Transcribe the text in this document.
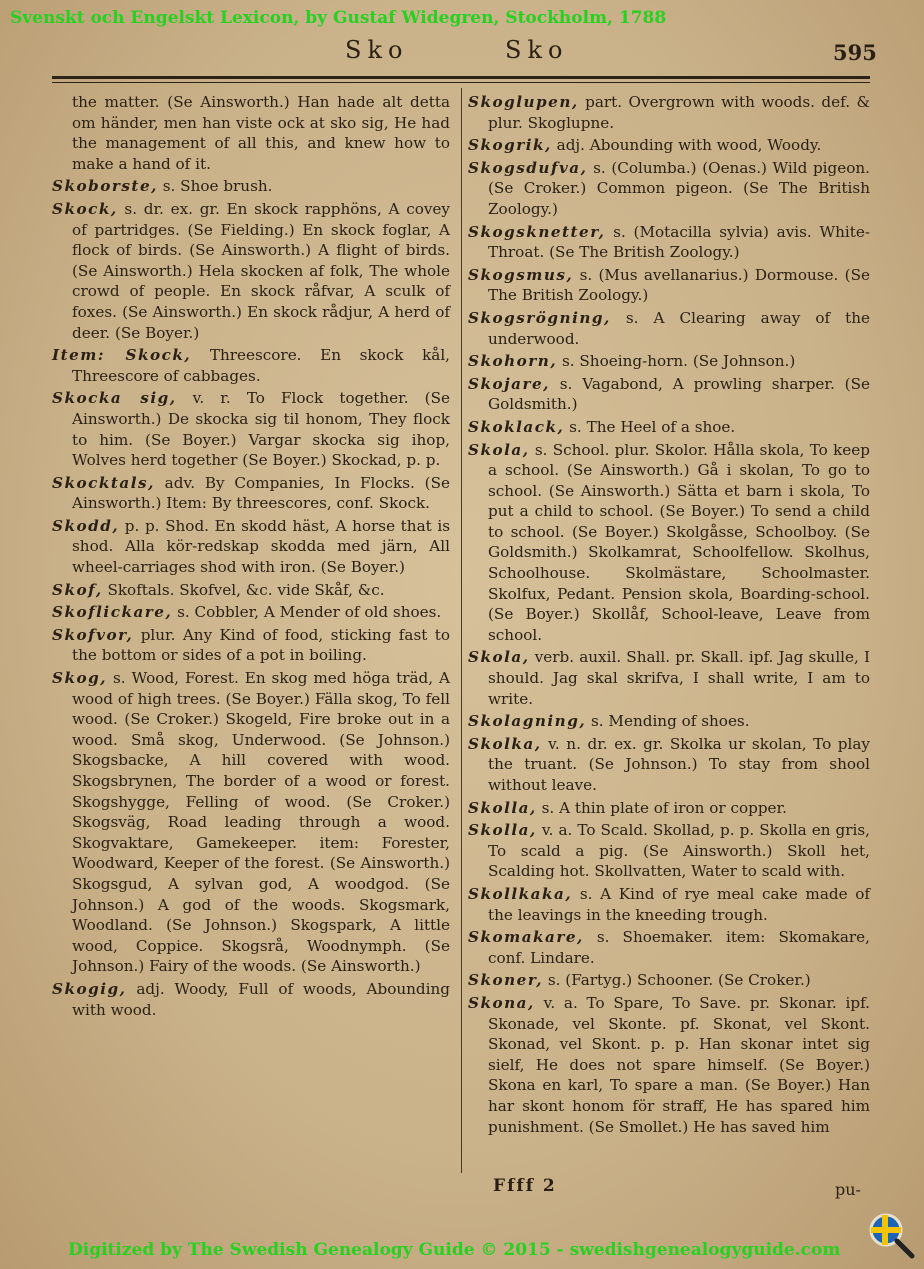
Svenskt och Engelskt Lexicon, by Gustaf Widegren, Stockholm, 1788
Sko	Sko	595

the matter. (Se Ainsworth.) Han hade alt detta om händer, men han viste ock at sko sig, He had the management of all this, and knew how to make a hand of it.

Skoborste, s. Shoe brush.

Skock, s. dr. ex. gr. En skock rapphöns, A covey of partridges. (Se Fielding.) En skock foglar, A flock of birds. (Se Ainsworth.) A flight of birds. (Se Ainsworth.) Hela skocken af folk, The whole crowd of people. En skock råfvar, A sculk of foxes. (Se Ainsworth.) En skock rådjur, A herd of deer. (Se Boyer.)

Item: Skock, Threescore. En skock kål, Threescore of cabbages.

Skocka sig, v. r. To Flock together. (Se Ainsworth.) De skocka sig til honom, They flock to him. (Se Boyer.) Vargar skocka sig ihop, Wolves herd together (Se Boyer.) Skockad, p. p.

Skocktals, adv. By Companies, In Flocks. (Se Ainsworth.) Item: By threescores, conf. Skock.

Skodd, p. p. Shod. En skodd häst, A horse that is shod. Alla kör-redskap skodda med järn, All wheel-carriages shod with iron. (Se Boyer.)

Skof, Skoftals. Skofvel, &c. vide Skåf, &c.

Skoflickare, s. Cobbler, A Mender of old shoes.

Skofvor, plur. Any Kind of food, sticking fast to the bottom or sides of a pot in boiling.

Skog, s. Wood, Forest. En skog med höga träd, A wood of high trees. (Se Boyer.) Fälla skog, To fell wood. (Se Croker.) Skogeld, Fire broke out in a wood. Små skog, Underwood. (Se Johnson.) Skogsbacke, A hill covered with wood. Skogsbrynen, The border of a wood or forest. Skogshygge, Felling of wood. (Se Croker.) Skogsväg, Road leading through a wood. Skogvaktare, Gamekeeper. item: Forester, Woodward, Keeper of the forest. (Se Ainsworth.) Skogsgud, A sylvan god, A woodgod. (Se Johnson.) A god of the woods. Skogsmark, Woodland. (Se Johnson.) Skogspark, A little wood, Coppice. Skogsrå, Woodnymph. (Se Johnson.) Fairy of the woods. (Se Ainsworth.)

Skogig, adj. Woody, Full of woods, Abounding with wood.

Skoglupen, part. Overgrown with woods. def. & plur. Skoglupne.

Skogrik, adj. Abounding with wood, Woody.

Skogsdufva, s. (Columba.) (Oenas.) Wild pigeon. (Se Croker.) Common pigeon. (Se The British Zoology.)

Skogsknetter, s. (Motacilla sylvia) avis. White-Throat. (Se The British Zoology.)

Skogsmus, s. (Mus avellanarius.) Dormouse. (Se The British Zoology.)

Skogsrögning, s. A Clearing away of the underwood.

Skohorn, s. Shoeing-horn. (Se Johnson.)

Skojare, s. Vagabond, A prowling sharper. (Se Goldsmith.)

Skoklack, s. The Heel of a shoe.

Skola, s. School. plur. Skolor. Hålla skola, To keep a school. (Se Ainsworth.) Gå i skolan, To go to school. (Se Ainsworth.) Sätta et barn i skola, To put a child to school. (Se Boyer.) To send a child to school. (Se Boyer.) Skolgåsse, Schoolboy. (Se Goldsmith.) Skolkamrat, Schoolfellow. Skolhus, Schoolhouse. Skolmästare, Schoolmaster. Skolfux, Pedant. Pension skola, Boarding-school. (Se Boyer.) Skollåf, School-leave, Leave from school.

Skola, verb. auxil. Shall. pr. Skall. ipf. Jag skulle, I should. Jag skal skrifva, I shall write, I am to write.

Skolagning, s. Mending of shoes.

Skolka, v. n. dr. ex. gr. Skolka ur skolan, To play the truant. (Se Johnson.) To stay from shool without leave.

Skolla, s. A thin plate of iron or copper.

Skolla, v. a. To Scald. Skollad, p. p. Skolla en gris, To scald a pig. (Se Ainsworth.) Skoll het, Scalding hot. Skollvatten, Water to scald with.

Skollkaka, s. A Kind of rye meal cake made of the leavings in the kneeding trough.

Skomakare, s. Shoemaker. item: Skomakare, conf. Lindare.

Skoner, s. (Fartyg.) Schooner. (Se Croker.)

Skona, v. a. To Spare, To Save. pr. Skonar. ipf. Skonade, vel Skonte. pf. Skonat, vel Skont. Skonad, vel Skont. p. p. Han skonar intet sig sielf, He does not spare himself. (Se Boyer.) Skona en karl, To spare a man. (Se Boyer.) Han har skont honom för straff, He has spared him punishment. (Se Smollet.) He has saved him

Ffff 2	pu-
Digitized by The Swedish Genealogy Guide © 2015 - swedishgenealogyguide.com
